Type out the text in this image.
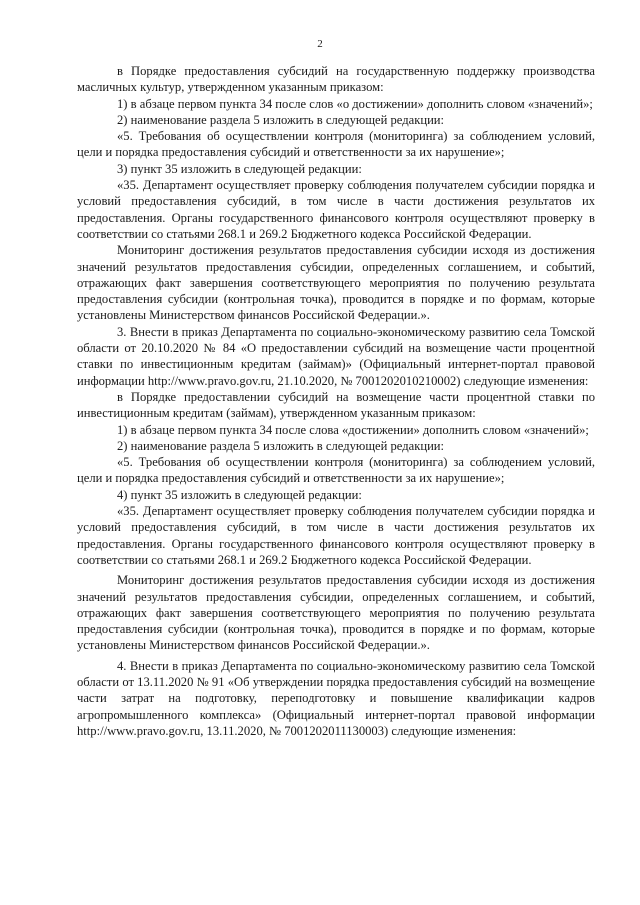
2

в Порядке предоставления субсидий на государственную поддержку производства масличных культур, утвержденном указанным приказом:

1) в абзаце первом пункта 34 после слов «о достижении» дополнить словом «значений»;

2) наименование раздела 5 изложить в следующей редакции:

«5. Требования об осуществлении контроля (мониторинга) за соблюдением условий, цели и порядка предоставления субсидий и ответственности за их нарушение»;

3) пункт 35 изложить в следующей редакции:

«35. Департамент осуществляет проверку соблюдения получателем субсидии порядка и условий предоставления субсидий, в том числе в части достижения результатов их предоставления. Органы государственного финансового контроля осуществляют проверку в соответствии со статьями 268.1 и 269.2 Бюджетного кодекса Российской Федерации.

Мониторинг достижения результатов предоставления субсидии исходя из достижения значений результатов предоставления субсидии, определенных соглашением, и событий, отражающих факт завершения соответствующего мероприятия по получению результата предоставления субсидии (контрольная точка), проводится в порядке и по формам, которые установлены Министерством финансов Российской Федерации.».

3. Внести в приказ Департамента по социально-экономическому развитию села Томской области от 20.10.2020 № 84 «О предоставлении субсидий на возмещение части процентной ставки по инвестиционным кредитам (займам)» (Официальный интернет-портал правовой информации http://www.pravo.gov.ru, 21.10.2020, № 7001202010210002) следующие изменения:

в Порядке предоставлении субсидий на возмещение части процентной ставки по инвестиционным кредитам (займам), утвержденном указанным приказом:

1) в абзаце первом пункта 34 после слова «достижении» дополнить словом «значений»;

2) наименование раздела 5 изложить в следующей редакции:

«5. Требования об осуществлении контроля (мониторинга) за соблюдением условий, цели и порядка предоставления субсидий и ответственности за их нарушение»;

4) пункт 35 изложить в следующей редакции:

«35. Департамент осуществляет проверку соблюдения получателем субсидии порядка и условий предоставления субсидий, в том числе в части достижения результатов их предоставления. Органы государственного финансового контроля осуществляют проверку в соответствии со статьями 268.1 и 269.2 Бюджетного кодекса Российской Федерации.

Мониторинг достижения результатов предоставления субсидии исходя из достижения значений результатов предоставления субсидии, определенных соглашением, и событий, отражающих факт завершения соответствующего мероприятия по получению результата предоставления субсидии (контрольная точка), проводится в порядке и по формам, которые установлены Министерством финансов Российской Федерации.».

4. Внести в приказ Департамента по социально-экономическому развитию села Томской области от 13.11.2020 № 91 «Об утверждении порядка предоставления субсидий на возмещение части затрат на подготовку, переподготовку и повышение квалификации кадров агропромышленного комплекса» (Официальный интернет-портал правовой информации http://www.pravo.gov.ru, 13.11.2020, № 7001202011130003) следующие изменения:
